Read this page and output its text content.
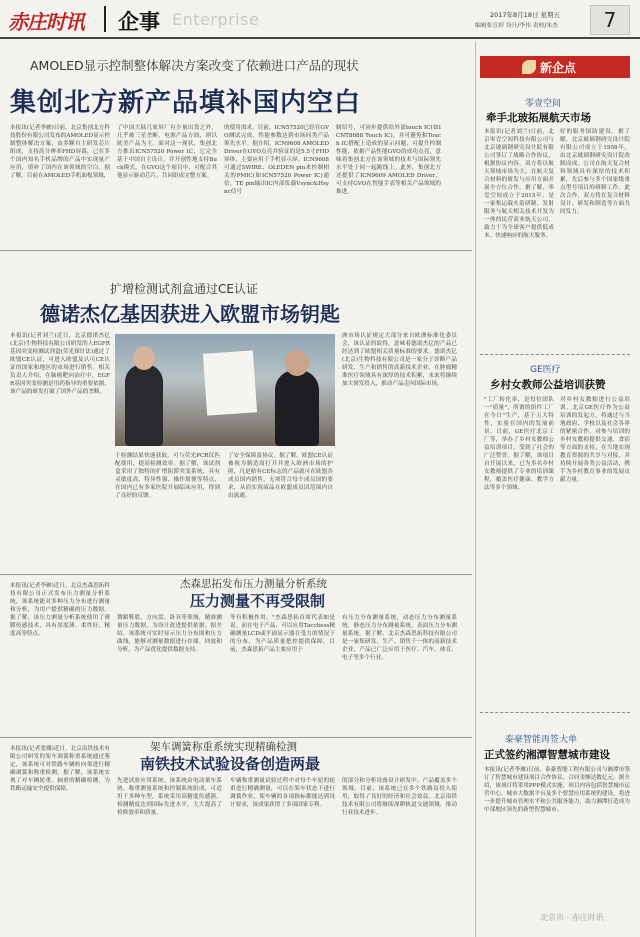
赤庄时讯 企事 Enterprise	2017年8月18日 星期五
编辑张宣婷 设计/李伟 责校/朱杰	7
AMOLED显示控制整体解决方案改变了依赖进口产品的现状
集创北方新产品填补国内空白
本报讯(记者李雁)日前，北京集创北方科技股份有限公司发布的AMOLED显示控制整体解决方案，由多颗自主研发芯片组成，支持高分辨率FHD屏幕，已在多个国内知名手机品牌的产品中实现量产应用，填补了国内在该领域的空白。据了解，目前在AMOLED手机面板领域，
了中国大陆几家屏厂有少量出货之外，几乎被三星垄断，电源产品方面，则以欧美产品为主。面对这一现状，集创北方推出ICN57520 Power IC，它完全基于中国自主设计，并开创性地支持Buck模式，在GVO这个项目中，可配合其他显示驱动芯片，共同组成完整方案。
的使用需求。目前，ICN57520已经在GVO测试完成，性能参数达到市场同类产品领先水平。据介绍，ICN9608 AMOLED Driver在GVO点亮并验证的是5.5寸FHD屏体，主要应用于手机显示屏。ICN9608可通过SWIRE、OLEDEN pin来控制相关的PMIC(如ICN57520 Power IC)通信，TE pin输出IC内部负载Vsync&Hsync信号
制信号，可同步提供给外部touch IC(如ICNT8688 Touch IC)，并可避免和Touch IC搭配上造成的显示问题，可提升控制性能，依据产品性能GVO的成功点亮，意味着集创北方在该领域的技术与国际领先水平处于同一起跑线上。此外，集创北方还提供了ICN9609 AMOLED Driver，可支持GVO在智能手表等相关产品领域的推进。
新企点
零壹空间
牵手北玻拓展航天市场
本报讯(记者刘兰)日前，北京零壹空间科技有限公司与北京玻璃钢研究设计院有限公司签订了战略合作协议，根据协议内容，双方将以航天领域市场为主，在航天复合材料的研发与应用方面开展全方位合作。据了解，零壹空间成立于2015年，是一家集运载火箭研制、发射服务与航天相关技术开发为一体的民营商业航天公司，致力于为全球客户提供低成本、快速响应的航天服务。
好的服务国防建设。据了解，北京玻璃钢研究设计院有限公司成立于1958年，由北京玻璃钢研究设计院改制而成。公司在航天复合材料领域具有深厚的技术积累，先后参与多个国家级重点型号项目的研制工作。此次合作，双方将在复合材料设计、研发和制造等方面共同发力。
GE医疗
乡村女教师公益培训获赞
"工厂转化率，是每位团队一"质量"，所谓的组件工厂在今日"生产，基于五大特性，实验在国内的发展前景。日前，GE医疗北京工厂等，举办了乡村女教师公益培训项目，受到了社会的广泛赞誉。据了解，该项目自开展以来，已为多名乡村女教师提供了专业的培训课程，覆盖医疗健康、教学方法等多个领域。
对乡村女教师进行公益培训，北京GE医疗作为公益培训的发起方，将通过与当地政府、学校以及社会各界的紧密合作，对参与培训的乡村女教师提供交通、食宿等方面的支持，在当地实现教育资源的共享与对接，并持续开展各类公益活动，携手为乡村教育事业的发展贡献力量。
泰豪智能再签大单
正式签约湘潭智慧城市建设
本报讯(记者李雁)日前，泰豪智能工程有限公司与湘潭市签订了智慧城市建设项目合作协议，合同金额达数亿元。据介绍，该项目将采用PPP模式实施，项目内容包括智慧城市运营中心、城市大数据平台及多个智慧应用系统的建设，将进一步提升城市管理水平和公共服务能力，助力湘潭打造成为中部地区领先的新型智慧城市。
扩增检测试剂盒通过CE认证
德诺杰亿基因获进入欧盟市场钥匙
本报讯(记者刘兰)近日，北京德诺杰亿(北京)生物科技有限公司研发的人EGFR基因突变检测试剂盒(荧光探针法)通过了欧盟CE认证，可进入欧盟及认可CE认证的国家和地区的市场进行销售。相关负责人介绍，在肺癌靶向治疗中，EGFR基因突变检测是用药指导的重要依据，该产品的研发打破了国外产品的垄断。
于检测结果快速获取，可与荧光PCR仪匹配使用，提高检测效率。据了解，该试剂盒采用了独特的扩增阻滞突变系统，具有灵敏度高、特异性强、操作简便等特点，在国内已有多家医院开展临床应用，得到了良好的反馈。
了安全保障及协议。据了解，欧盟CE认证被视为制造商打开并进入欧洲市场的护照，凡是贴有CE标志的产品就可在欧盟各成员国内销售，无须符合每个成员国的要求，从而实现商品在欧盟成员国范围内自由流通。
洲市场认证规定大部分来自欧洲标准化委员会，该认证的取得，意味着德诺杰亿的产品已经达到了欧盟相关质量标准的要求。德诺杰亿(北京)生物科技有限公司是一家分子诊断产品研发、生产和销售的高新技术企业，在肿瘤精准医疗领域具有深厚的技术积累，未来将继续加大研发投入，推动产品走向国际市场。
杰森思拓发布压力测量分析系统
压力测量不再受限制
本报讯(记者李雁)近日，北京杰森思拓科技有限公司正式发布压力测量分析系统，该系统能对多种压力分布进行测量和分析，为用户提供精确的压力数据。据了解，该压力测量分析系统使用了薄膜传感技术，具有厚度薄、柔性好、精度高等特点。
舞蹈鞋底、方向盘、卧具等领域，精准测量压力数据，为设计改进提供依据。据介绍，该系统可实时显示压力分布图和压力曲线，能够对测量数据进行存储、回放和分析，为产品优化提供数据支持。
等有积极作用。"杰森思拓首席代表如是说。而在电子产品，可以应用Tacchess精确测量LCD或平面显示器在受力的情况下的分布，为产品质量把控提供保障。目前，杰森思拓产品主要应用于
有压力分布测量系统，动态压力分布测量系统，静态压力分布测量系统，表面压力分布测量系统。据了解，北京杰森思拓科技有限公司是一家集研发、生产、销售于一体的高新技术企业，产品已广泛应用于医疗、汽车、体育、电子等多个行业。
架车调簧称重系统实现精确检测
南铁技术试验设备创造两最
本报讯(记者张娜)近日，北京南铁技术有限公司研发的架车调簧称重系统通过鉴定，该系统可对铁路车辆转向架进行精确调簧和称重检测。据了解，该系统实现了对车辆轮重、轴重的精确检测，为铁路运输安全提供保障。
先进试验应用系统。该系统由电动架车系统、称重测量系统和控制系统组成，可适用于多种车型。系统采用高精度传感器，检测精度达到国际先进水平，大大提高了检修效率和质量。
车辆称重测量试验过程中对每个车轮的轮重进行精确测量，可以在架车状态下进行调簧作业，使车辆的各项指标都能达到设计要求，该成果获得了多项国家专利。
的部分和分析设备设计研发中，产品覆盖多个领域。目前，该系统已在多个铁路局投入使用，取得了良好的经济和社会效益。北京南铁技术有限公司将继续深耕轨道交通领域，推动行业技术进步。
北京市 · 赤庄时讯
